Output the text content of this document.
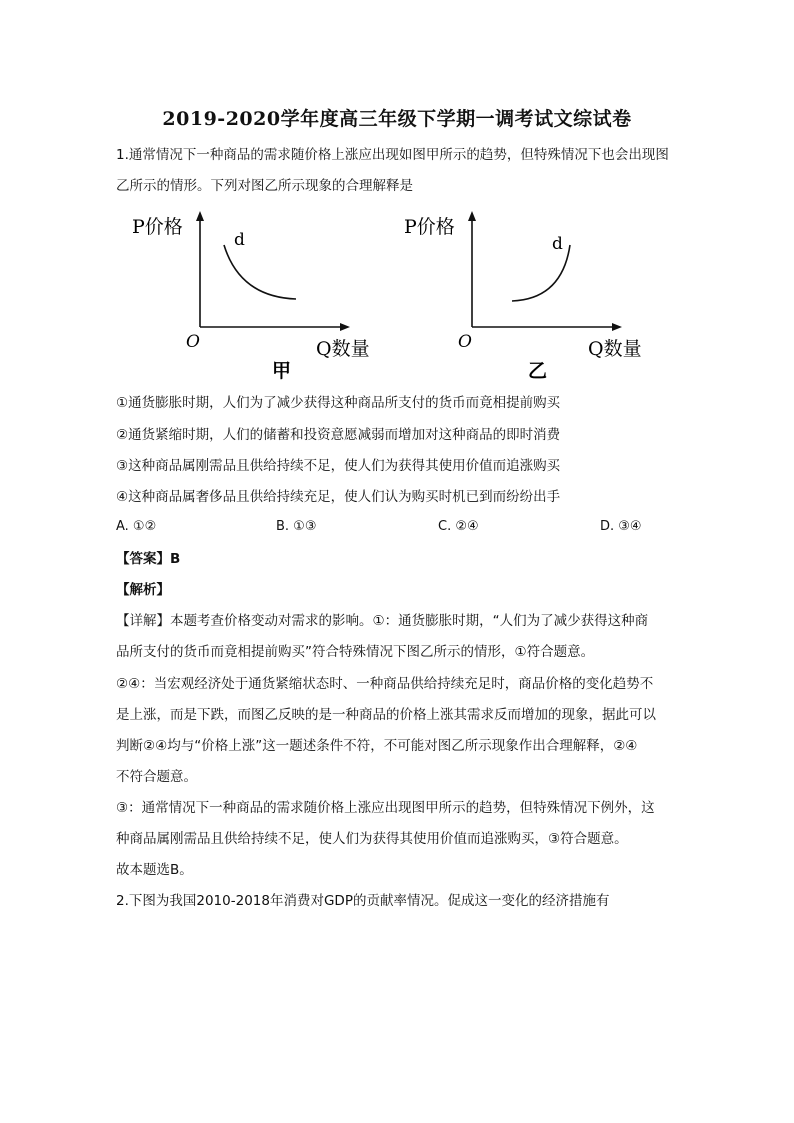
2019-2020学年度高三年级下学期一调考试文综试卷
1.通常情况下一种商品的需求随价格上涨应出现如图甲所示的趋势，但特殊情况下也会出现图
乙所示的情形。下列对图乙所示现象的合理解释是
P价格
d
O	Q数量
甲
P价格
d
O	Q数量
乙
①通货膨胀时期，人们为了减少获得这种商品所支付的货币而竟相提前购买
②通货紧缩时期，人们的储蓄和投资意愿减弱而增加对这种商品的即时消费
③这种商品属刚需品且供给持续不足，使人们为获得其使用价值而追涨购买
④这种商品属奢侈品且供给持续充足，使人们认为购买时机已到而纷纷出手
A. ①②	B. ①③	C. ②④	D. ③④
【答案】B
【解析】
【详解】本题考查价格变动对需求的影响。①：通货膨胀时期，“人们为了减少获得这种商
品所支付的货币而竟相提前购买”符合特殊情况下图乙所示的情形，①符合题意。
②④：当宏观经济处于通货紧缩状态时、一种商品供给持续充足时，商品价格的变化趋势不
是上涨，而是下跌，而图乙反映的是一种商品的价格上涨其需求反而增加的现象，据此可以
判断②④均与“价格上涨”这一题述条件不符，不可能对图乙所示现象作出合理解释，②④
不符合题意。
③：通常情况下一种商品的需求随价格上涨应出现图甲所示的趋势，但特殊情况下例外，这
种商品属刚需品且供给持续不足，使人们为获得其使用价值而追涨购买，③符合题意。
故本题选B。
2.下图为我国2010-2018年消费对GDP的贡献率情况。促成这一变化的经济措施有
